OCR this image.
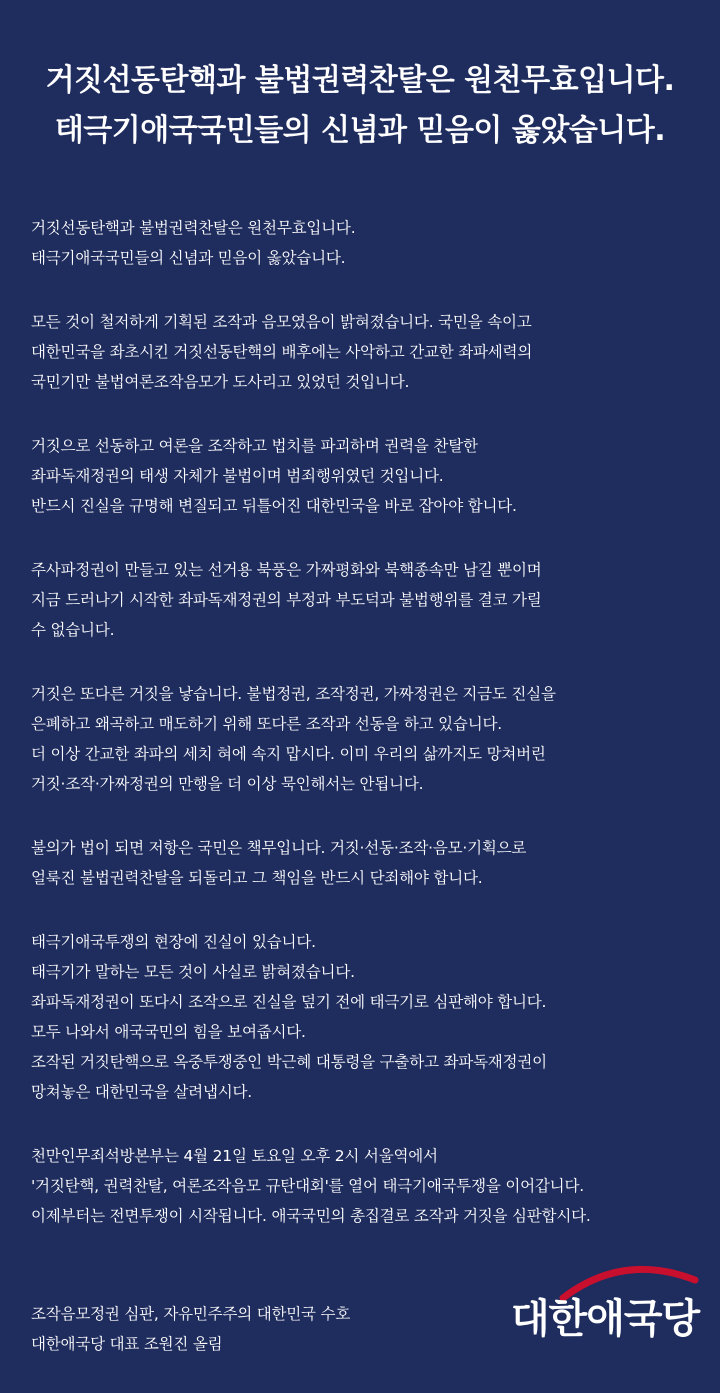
거짓선동탄핵과 불법권력찬탈은 원천무효입니다.
태극기애국국민들의 신념과 믿음이 옳았습니다.
거짓선동탄핵과 불법권력찬탈은 원천무효입니다.
태극기애국국민들의 신념과 믿음이 옳았습니다.
모든 것이 철저하게 기획된 조작과 음모였음이 밝혀졌습니다. 국민을 속이고
대한민국을 좌초시킨 거짓선동탄핵의 배후에는 사악하고 간교한 좌파세력의
국민기만 불법여론조작음모가 도사리고 있었던 것입니다.
거짓으로 선동하고 여론을 조작하고 법치를 파괴하며 권력을 찬탈한
좌파독재정권의 태생 자체가 불법이며 범죄행위였던 것입니다.
반드시 진실을 규명해 변질되고 뒤틀어진 대한민국을 바로 잡아야 합니다.
주사파정권이 만들고 있는 선거용 북풍은 가짜평화와 북핵종속만 남길 뿐이며
지금 드러나기 시작한 좌파독재정권의 부정과 부도덕과 불법행위를 결코 가릴
수 없습니다.
거짓은 또다른 거짓을 낳습니다. 불법정권, 조작정권, 가짜정권은 지금도 진실을
은폐하고 왜곡하고 매도하기 위해 또다른 조작과 선동을 하고 있습니다.
더 이상 간교한 좌파의 세치 혀에 속지 맙시다. 이미 우리의 삶까지도 망쳐버린
거짓·조작·가짜정권의 만행을 더 이상 묵인해서는 안됩니다.
불의가 법이 되면 저항은 국민은 책무입니다. 거짓·선동·조작·음모·기획으로
얼룩진 불법권력찬탈을 되돌리고 그 책임을 반드시 단죄해야 합니다.
태극기애국투쟁의 현장에 진실이 있습니다.
태극기가 말하는 모든 것이 사실로 밝혀졌습니다.
좌파독재정권이 또다시 조작으로 진실을 덮기 전에 태극기로 심판해야 합니다.
모두 나와서 애국국민의 힘을 보여줍시다.
조작된 거짓탄핵으로 옥중투쟁중인 박근혜 대통령을 구출하고 좌파독재정권이
망쳐놓은 대한민국을 살려냅시다.
천만인무죄석방본부는 4월 21일 토요일 오후 2시 서울역에서
'거짓탄핵, 권력찬탈, 여론조작음모 규탄대회'를 열어 태극기애국투쟁을 이어갑니다.
이제부터는 전면투쟁이 시작됩니다. 애국국민의 총집결로 조작과 거짓을 심판합시다.
조작음모정권 심판, 자유민주주의 대한민국 수호
대한애국당 대표 조원진 올림
대한애국당
